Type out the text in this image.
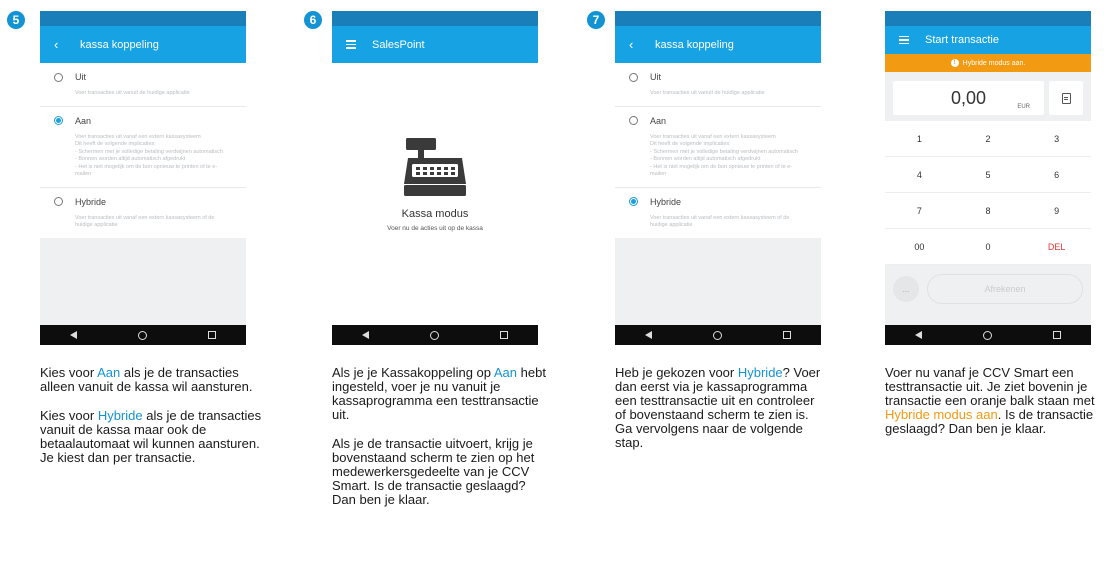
5	6	7
‹	kassa koppeling
Uit
Voer transacties uit vanuit de huidige applicatie
Aan
Voer transacties uit vanaf een extern kassasysteem
Dit heeft de volgende implicaties:
- Schermen met je volledige betaling verdwijnen automatisch
- Bonnen worden altijd automatisch afgedrukt
- Het is niet mogelijk om de bon opnieuw te printen of te e-mailen
Hybride
Voer transacties uit vanaf een extern kassasysteem of de huidige applicatie
SalesPoint
Kassa modus
Voer nu de acties uit op de kassa
‹	kassa koppeling
Uit
Voer transacties uit vanuit de huidige applicatie
Aan
Voer transacties uit vanaf een extern kassasysteem
Dit heeft de volgende implicaties:
- Schermen met je volledige betaling verdwijnen automatisch
- Bonnen worden altijd automatisch afgedrukt
- Het is niet mogelijk om de bon opnieuw te printen of te e-mailen
Hybride
Voer transacties uit vanaf een extern kassasysteem of de huidige applicatie
Start transactie
!	Hybride modus aan.
0,00	EUR
1	2	3
4	5	6
7	8	9
00	0	DEL
...	Afrekenen

Kies voor Aan als je de transacties alleen vanuit de kassa wil aansturen.

Kies voor Hybride als je de transacties vanuit de kassa maar ook de betaalautomaat wil kunnen aansturen. Je kiest dan per transactie.

Als je je Kassakoppeling op Aan hebt ingesteld, voer je nu vanuit je kassaprogramma een testtransactie uit.

Als je de transactie uitvoert, krijg je bovenstaand scherm te zien op het medewerkersgedeelte van je CCV Smart. Is de transactie geslaagd? Dan ben je klaar.

Heb je gekozen voor Hybride? Voer dan eerst via je kassaprogramma een testtransactie uit en controleer of bovenstaand scherm te zien is. Ga vervolgens naar de volgende stap.

Voer nu vanaf je CCV Smart een testtransactie uit. Je ziet bovenin je transactie een oranje balk staan met Hybride modus aan. Is de transactie geslaagd? Dan ben je klaar.
